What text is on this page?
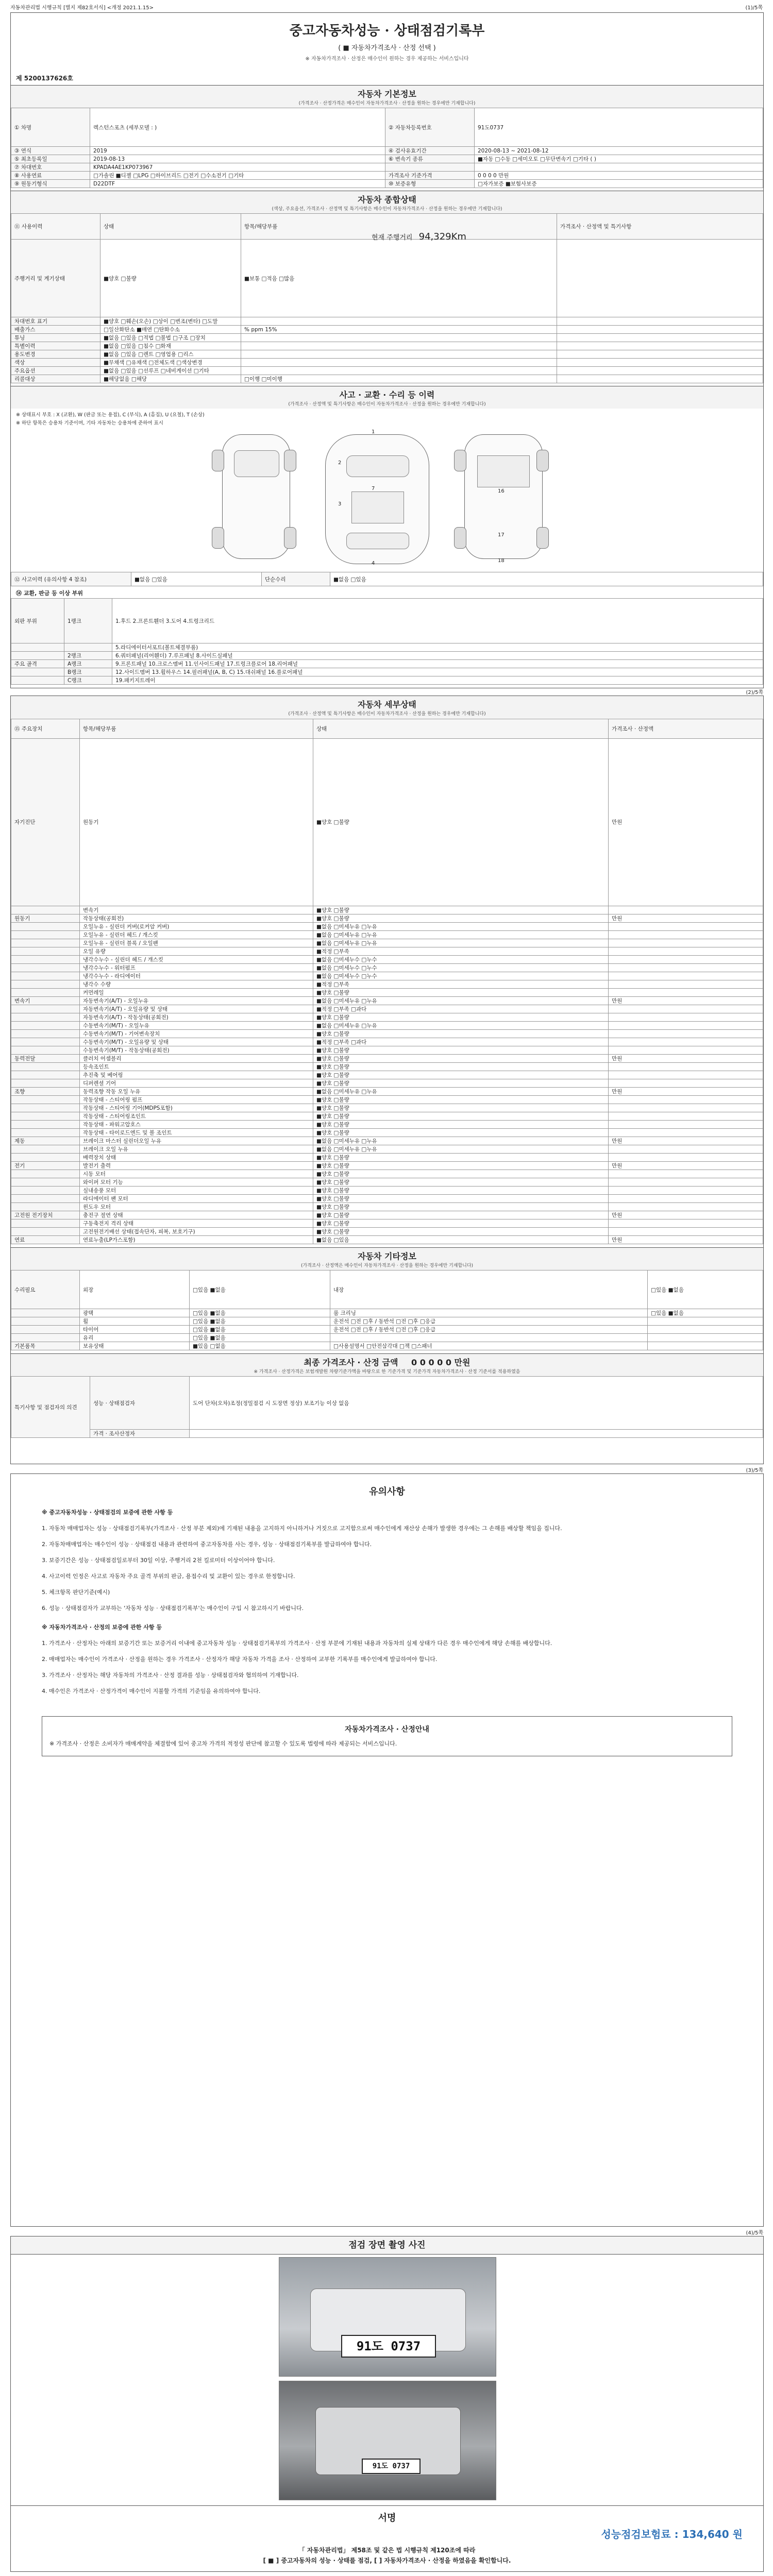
자동차관리법 시행규칙 [별지 제82호서식] <개정 2021.1.15>	(1)/5쪽
중고자동차성능 · 상태점검기록부
( ■ 자동차가격조사 · 산정 선택 )
※ 자동차가격조사 · 산정은 매수인이 원하는 경우 제공하는 서비스입니다
제 5200137626호
자동차 기본정보
(가격조사 · 산정가격은 매수인이 자동차가격조사 · 산정을 원하는 경우에만 기재합니다)
① 차명	렉스턴스포츠 (세부모델 : )	② 자동차등록번호	91도0737
③ 연식	2019	④ 검사유효기간	2020-08-13 ~ 2021-08-12
⑤ 최초등록일	2019-08-13	⑥ 변속기 종류	■자동 □수동 □세미오토 □무단변속기 □기타 ( )
⑦ 차대번호	KPADA4AE1KP073967		
⑧ 사용연료	□가솔린 ■디젤 □LPG □하이브리드 □전기 □수소전기 □기타	가격조사 기준가격	0 0 0 0 만원
⑨ 원동기형식	D22DTF	⑩ 보증유형	□자가보증 ■보험사보증
자동차 종합상태
(색상, 주요옵션, 가격조사 · 산정액 및 특기사항은 매수인이 자동차가격조사 · 산정을 원하는 경우에만 기재합니다)
⑪ 사용이력	상태	항목/해당부품	가격조사 · 산정액 및 특기사항
주행거리 및 계기상태	■양호 □불량	■보통 □적음 □많음	
차대번호 표기	■양호 □훼손(오손) □상이 □변조(변타) □도말		
배출가스	□일산화탄소 ■매연 □탄화수소	% ppm 15%	
튜닝	■없음 □있음 □적법 □불법 □구조 □장치		
특별이력	■없음 □있음 □침수 □화재		
용도변경	■없음 □있음 □렌트 □영업용 □리스		
색상	■무채색 □유채색 □전체도색 □색상변경		
주요옵션	■없음 □있음 □선루프 □네비게이션 □기타		
리콜대상	■해당없음 □해당	□이행 □미이행	
현재 주행거리 94,329Km
사고 · 교환 · 수리 등 이력
(가격조사 · 산정액 및 특기사항은 매수인이 자동차가격조사 · 산정을 원하는 경우에만 기재합니다)
※ 상태표시 부호 : X (교환), W (판금 또는 용접), C (부식), A (흠집), U (요철), T (손상)
※ 하단 항목은 승용차 기준이며, 기타 자동차는 승용차에 준하여 표시
1
2
3
4
7	16
17
18
⑫ 사고이력 (유의사항 4 참조)	■없음 □있음	단순수리	■없음 □있음
⑭ 교환, 판금 등 이상 부위
외판 부위	1랭크	1.후드 2.프론트휀더 3.도어 4.트렁크리드
		5.라디에이터서포트(볼트체결부품)
	2랭크	6.쿼터패널(리어휀더) 7.루프패널 8.사이드실패널
주요 골격	A랭크	9.프론트패널 10.크로스멤버 11.인사이드패널 17.트렁크플로어 18.리어패널
	B랭크	12.사이드멤버 13.휠하우스 14.필러패널(A, B, C) 15.대쉬패널 16.플로어패널
	C랭크	19.패키지트레이
(2)/5쪽
자동차 세부상태
(가격조사 · 산정액 및 특기사항은 매수인이 자동차가격조사 · 산정을 원하는 경우에만 기재합니다)
⑮ 주요장치	항목/해당부품	상태	가격조사 · 산정액
자기진단	원동기	■양호 □불량	만원
	변속기	■양호 □불량	
원동기	작동상태(공회전)	■양호 □불량	만원
	오일누유 - 실린더 커버(로커암 커버)	■없음 □미세누유 □누유	
	오일누유 - 실린더 헤드 / 개스킷	■없음 □미세누유 □누유	
	오일누유 - 실린더 블록 / 오일팬	■없음 □미세누유 □누유	
	오일 유량	■적정 □부족	
	냉각수누수 - 실린더 헤드 / 개스킷	■없음 □미세누수 □누수	
	냉각수누수 - 워터펌프	■없음 □미세누수 □누수	
	냉각수누수 - 라디에이터	■없음 □미세누수 □누수	
	냉각수 수량	■적정 □부족	
	커먼레일	■양호 □불량	
변속기	자동변속기(A/T) - 오일누유	■없음 □미세누유 □누유	만원
	자동변속기(A/T) - 오일유량 및 상태	■적정 □부족 □과다	
	자동변속기(A/T) - 작동상태(공회전)	■양호 □불량	
	수동변속기(M/T) - 오일누유	■없음 □미세누유 □누유	
	수동변속기(M/T) - 기어변속장치	■양호 □불량	
	수동변속기(M/T) - 오일유량 및 상태	■적정 □부족 □과다	
	수동변속기(M/T) - 작동상태(공회전)	■양호 □불량	
동력전달	클러치 어셈블리	■양호 □불량	만원
	등속조인트	■양호 □불량	
	추진축 및 베어링	■양호 □불량	
	디퍼렌셜 기어	■양호 □불량	
조향	동력조향 작동 오일 누유	■없음 □미세누유 □누유	만원
	작동상태 - 스티어링 펌프	■양호 □불량	
	작동상태 - 스티어링 기어(MDPS포함)	■양호 □불량	
	작동상태 - 스티어링조인트	■양호 □불량	
	작동상태 - 파워고압호스	■양호 □불량	
	작동상태 - 타이로드엔드 및 볼 조인트	■양호 □불량	
제동	브레이크 마스터 실린더오일 누유	■없음 □미세누유 □누유	만원
	브레이크 오일 누유	■없음 □미세누유 □누유	
	배력장치 상태	■양호 □불량	
전기	발전기 출력	■양호 □불량	만원
	시동 모터	■양호 □불량	
	와이퍼 모터 기능	■양호 □불량	
	실내송풍 모터	■양호 □불량	
	라디에이터 팬 모터	■양호 □불량	
	윈도우 모터	■양호 □불량	
고전원 전기장치	충전구 절연 상태	■양호 □불량	만원
	구동축전지 격리 상태	■양호 □불량	
	고전원전기배선 상태(접속단자, 피복, 보호기구)	■양호 □불량	
연료	연료누출(LP가스포함)	■없음 □있음	만원
자동차 기타정보
(가격조사 · 산정액은 매수인이 자동차가격조사 · 산정을 원하는 경우에만 기재합니다)
수리필요	외장	□있음 ■없음	내장	□있음 ■없음
	광택	□있음 ■없음	룸 크리닝	□있음 ■없음
	휠	□있음 ■없음	운전석 □전 □후 / 동반석 □전 □후 □응급	
	타이어	□있음 ■없음	운전석 □전 □후 / 동반석 □전 □후 □응급	
	유리	□있음 ■없음		
기본품목	보유상태	■있음 □없음	□사용설명서 □안전삼각대 □잭 □스패너	
최종 가격조사 · 산정 금액 0 0 0 0 0 만원
※ 가격조사 · 산정가격은 보험개발원 차량기준가액을 바탕으로 한 기준가격 및 기준가격 자동차가격조사 · 산정 기준서를 적용하였음
특기사항 및 점검자의 의견	성능 · 상태점검자	도어 단차(오차)조정(정밀점검 시 도장면 정상) 보조기능 이상 없음
	가격 · 조사산정자	
(3)/5쪽
유의사항
※ 중고자동차성능 · 상태점검의 보증에 관한 사항 등
1. 자동차 매매업자는 성능 · 상태점검기록부(가격조사 · 산정 부분 제외)에 기재된 내용을 고지하지 아니하거나 거짓으로 고지함으로써 매수인에게 재산상 손해가 발생한 경우에는 그 손해를 배상할 책임을 집니다.
2. 자동차매매업자는 매수인이 성능 · 상태점검 내용과 관련하여 중고자동차를 사는 경우, 성능 · 상태점검기록부를 발급하여야 합니다.
3. 보증기간은 성능 · 상태점검일로부터 30일 이상, 주행거리 2천 킬로미터 이상이어야 합니다.
4. 사고이력 인정은 사고로 자동차 주요 골격 부위의 판금, 용접수리 및 교환이 있는 경우로 한정합니다.
5. 체크항목 판단기준(예시)
6. 성능 · 상태점검자가 교부하는 '자동차 성능 · 상태점검기록부'는 매수인이 구입 시 참고하시기 바랍니다.
※ 자동차가격조사 · 산정의 보증에 관한 사항 등
1. 가격조사 · 산정자는 아래의 보증기간 또는 보증거리 이내에 중고자동차 성능 · 상태점검기록부의 가격조사 · 산정 부분에 기재된 내용과 자동차의 실제 상태가 다른 경우 매수인에게 해당 손해를 배상합니다.
2. 매매업자는 매수인이 가격조사 · 산정을 원하는 경우 가격조사 · 산정자가 해당 자동차 가격을 조사 · 산정하여 교부한 기록부를 매수인에게 발급하여야 합니다.
3. 가격조사 · 산정자는 해당 자동차의 가격조사 · 산정 결과를 성능 · 상태점검자와 협의하여 기재합니다.
4. 매수인은 가격조사 · 산정가격이 매수인이 지불할 가격의 기준임을 유의하여야 합니다.
자동차가격조사 · 산정안내
※ 가격조사 · 산정은 소비자가 매매계약을 체결함에 있어 중고차 가격의 적정성 판단에 참고할 수 있도록 법령에 따라 제공되는 서비스입니다.
(4)/5쪽
점검 장면 촬영 사진
91도 0737
91도 0737
서명
성능점검보험료 : 134,640 원
「 자동차관리법」 제58조 및 같은 법 시행규칙 제120조에 따라
[ ■ ] 중고자동차의 성능 · 상태를 점검, [ ] 자동차가격조사 · 산정을 하였음을 확인합니다.
